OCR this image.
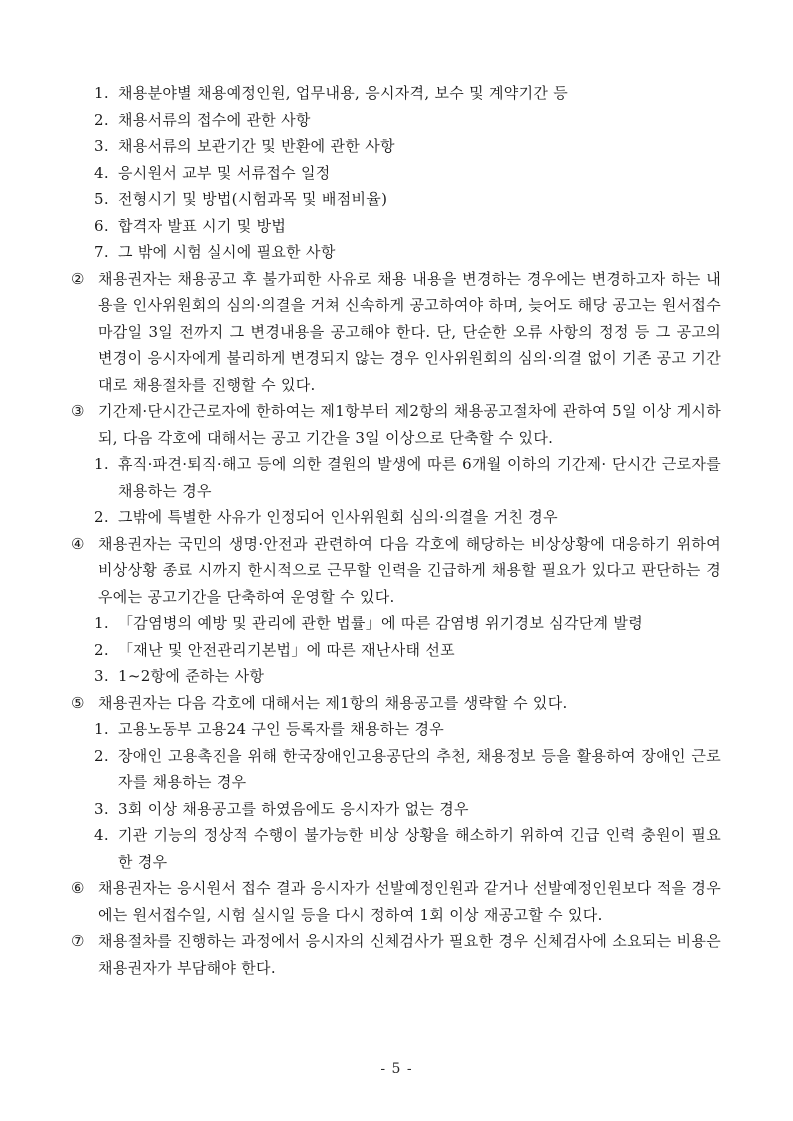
1. 채용분야별 채용예정인원, 업무내용, 응시자격, 보수 및 계약기간 등
2. 채용서류의 접수에 관한 사항
3. 채용서류의 보관기간 및 반환에 관한 사항
4. 응시원서 교부 및 서류접수 일정
5. 전형시기 및 방법(시험과목 및 배점비율)
6. 합격자 발표 시기 및 방법
7. 그 밖에 시험 실시에 필요한 사항
② 채용권자는 채용공고 후 불가피한 사유로 채용 내용을 변경하는 경우에는 변경하고자 하는 내용을 인사위원회의 심의·의결을 거쳐 신속하게 공고하여야 하며, 늦어도 해당 공고는 원서접수마감일 3일 전까지 그 변경내용을 공고해야 한다. 단, 단순한 오류 사항의 정정 등 그 공고의 변경이 응시자에게 불리하게 변경되지 않는 경우 인사위원회의 심의·의결 없이 기존 공고 기간대로 채용절차를 진행할 수 있다.
③ 기간제·단시간근로자에 한하여는 제1항부터 제2항의 채용공고절차에 관하여 5일 이상 게시하되, 다음 각호에 대해서는 공고 기간을 3일 이상으로 단축할 수 있다.
1. 휴직·파견·퇴직·해고 등에 의한 결원의 발생에 따른 6개월 이하의 기간제· 단시간 근로자를 채용하는 경우
2. 그밖에 특별한 사유가 인정되어 인사위원회 심의·의결을 거친 경우
④ 채용권자는 국민의 생명·안전과 관련하여 다음 각호에 해당하는 비상상황에 대응하기 위하여 비상상황 종료 시까지 한시적으로 근무할 인력을 긴급하게 채용할 필요가 있다고 판단하는 경우에는 공고기간을 단축하여 운영할 수 있다.
1. 「감염병의 예방 및 관리에 관한 법률」에 따른 감염병 위기경보 심각단계 발령
2. 「재난 및 안전관리기본법」에 따른 재난사태 선포
3. 1~2항에 준하는 사항
⑤ 채용권자는 다음 각호에 대해서는 제1항의 채용공고를 생략할 수 있다.
1. 고용노동부 고용24 구인 등록자를 채용하는 경우
2. 장애인 고용촉진을 위해 한국장애인고용공단의 추천, 채용정보 등을 활용하여 장애인 근로자를 채용하는 경우
3. 3회 이상 채용공고를 하였음에도 응시자가 없는 경우
4. 기관 기능의 정상적 수행이 불가능한 비상 상황을 해소하기 위하여 긴급 인력 충원이 필요한 경우
⑥ 채용권자는 응시원서 접수 결과 응시자가 선발예정인원과 같거나 선발예정인원보다 적을 경우에는 원서접수일, 시험 실시일 등을 다시 정하여 1회 이상 재공고할 수 있다.
⑦ 채용절차를 진행하는 과정에서 응시자의 신체검사가 필요한 경우 신체검사에 소요되는 비용은 채용권자가 부담해야 한다.
- 5 -
